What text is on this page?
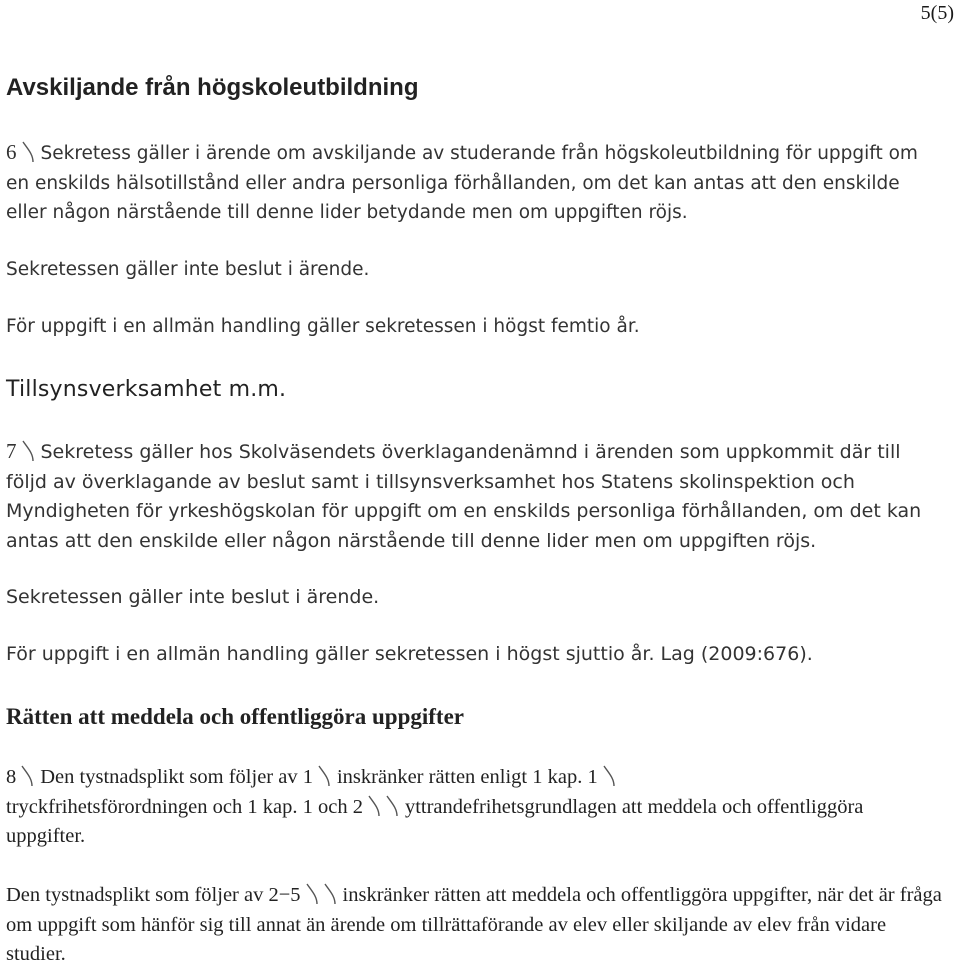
5(5)
Avskiljande från högskoleutbildning
6 Sekretess gäller i ärende om avskiljande av studerande från högskoleutbildning för uppgift om en enskilds hälsotillstånd eller andra personliga förhållanden, om det kan antas att den enskilde eller någon närstående till denne lider betydande men om uppgiften röjs.
Sekretessen gäller inte beslut i ärende.
För uppgift i en allmän handling gäller sekretessen i högst femtio år.
Tillsynsverksamhet m.m.
7 Sekretess gäller hos Skolväsendets överklagandenämnd i ärenden som uppkommit där till följd av överklagande av beslut samt i tillsynsverksamhet hos Statens skolinspektion och Myndigheten för yrkeshögskolan för uppgift om en enskilds personliga förhållanden, om det kan antas att den enskilde eller någon närstående till denne lider men om uppgiften röjs.
Sekretessen gäller inte beslut i ärende.
För uppgift i en allmän handling gäller sekretessen i högst sjuttio år. Lag (2009:676).
Rätten att meddela och offentliggöra uppgifter
8 Den tystnadsplikt som följer av 1 inskränker rätten enligt 1 kap. 1

tryckfrihetsförordningen och 1 kap. 1 och 2 yttrandefrihetsgrundlagen att meddela och offentliggöra uppgifter.
Den tystnadsplikt som följer av 2−5 inskränker rätten att meddela och offentliggöra uppgifter, när det är fråga om uppgift som hänför sig till annat än ärende om tillrättaförande av elev eller skiljande av elev från vidare studier.
